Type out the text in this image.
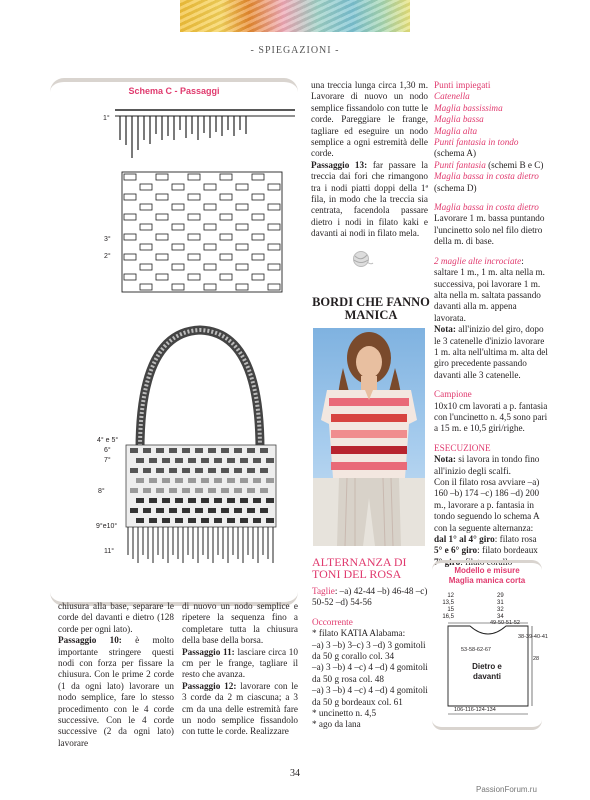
- SPIEGAZIONI -
Schema C - Passaggi
1°
3°
2°
4° e 5°
6°
7°
8°
9°e10°
11°

chiusura alla base, separare le corde del davanti e dietro (128 corde per ogni lato).

Passaggio 10: è molto importante stringere questi nodi con forza per fissare la chiusura. Con le prime 2 corde (1 da ogni lato) lavorare un nodo semplice, fare lo stesso procedimento con le 4 corde successive. Con le 4 corde successive (2 da ogni lato) lavorare

di nuovo un nodo semplice e ripetere la sequenza fino a completare tutta la chiusura della base della borsa.

Passaggio 11: lasciare circa 10 cm per le frange, tagliare il resto che avanza.

Passaggio 12: lavorare con le 3 corde da 2 m ciascuna; a 3 cm da una delle estremità fare un nodo semplice fissandolo con tutte le corde. Realizzare

una treccia lunga circa 1,30 m. Lavorare di nuovo un nodo semplice fissandolo con tutte le corde. Pareggiare le frange, tagliare ed eseguire un nodo semplice a ogni estremità delle corde.

Passaggio 13: far passare la treccia dai fori che rimangono tra i nodi piatti doppi della 1ª fila, in modo che la treccia sia centrata, facendola passare dietro i nodi in filato kaki e davanti ai nodi in filato mela.

BORDI CHE FANNO MANICA
ALTERNANZA DI TONI DEL ROSA

Taglie: –a) 42-44 –b) 46-48 –c) 50-52 –d) 54-56

Occorrente

* filato KATIA Alabama:

–a) 3 –b) 3–c) 3 –d) 3 gomitoli da 50 g corallo col. 34

–a) 3 –b) 4 –c) 4 –d) 4 gomitoli da 50 g rosa col. 48

–a) 3 –b) 4 –c) 4 –d) 4 gomitoli da 50 g bordeaux col. 61

* uncinetto n. 4,5

* ago da lana

Punti impiegati

Catenella

Maglia bassissima

Maglia bassa

Maglia alta

Punti fantasia in tondo

(schema A)

Punti fantasia (schemi B e C)

Maglia bassa in costa dietro

(schema D)

Maglia bassa in costa dietro

Lavorare 1 m. bassa puntando l'uncinetto solo nel filo dietro della m. di base.

2 maglie alte incrociate: saltare 1 m., 1 m. alta nella m. successiva, poi lavorare 1 m. alta nella m. saltata passando davanti alla m. appena lavorata.

Nota: all'inizio del giro, dopo le 3 catenelle d'inizio lavorare 1 m. alta nell'ultima m. alta del giro precedente passando davanti alle 3 catenelle.

Campione

10x10 cm lavorati a p. fantasia con l'uncinetto n. 4,5 sono pari a 15 m. e 10,5 giri/righe.

ESECUZIONE

Nota: si lavora in tondo fino all'inizio degli scalfi.

Con il filato rosa avviare –a) 160 –b) 174 –c) 186 –d) 200 m., lavorare a p. fantasia in tondo seguendo lo schema A con la seguente alternanza:

dal 1° al 4° giro: filato rosa

5° e 6° giro: filato bordeaux

7° giro: filato corallo

Modello e misure
Maglia manica corta
12
13,5
15
16,5
29
31
32
34
49-50-51-52
38-39-40-41
28
53-58-62-67
Dietro e
davanti
106-116-124-134
34
PassionForum.ru
